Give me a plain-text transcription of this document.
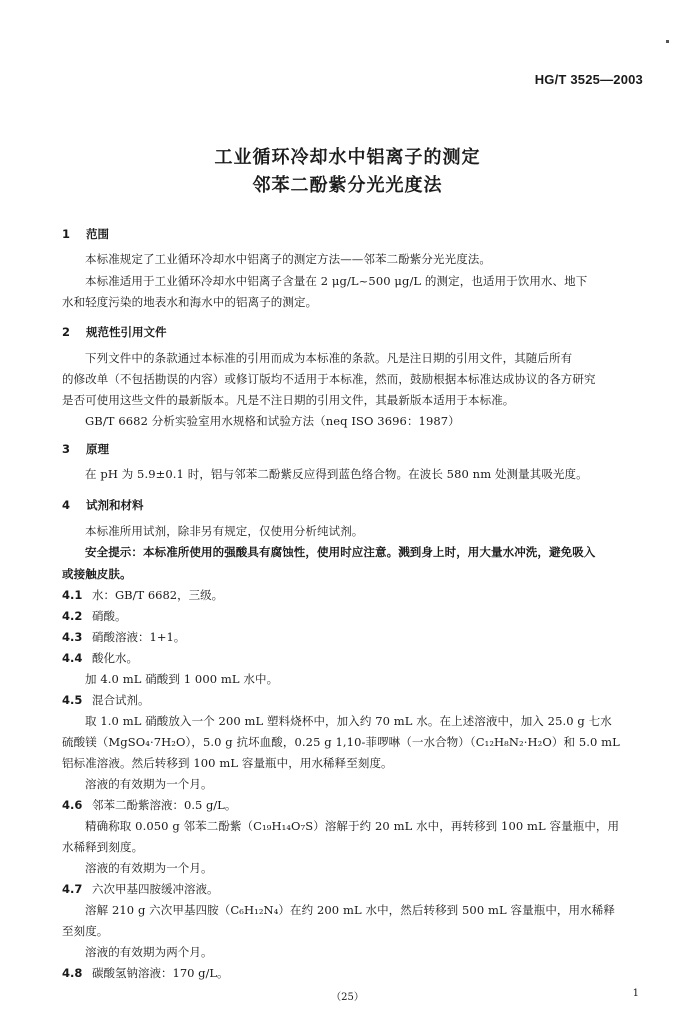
HG/T 3525—2003
工业循环冷却水中铝离子的测定
邻苯二酚紫分光光度法
1 范围
本标准规定了工业循环冷却水中铝离子的测定方法——邻苯二酚紫分光光度法。
本标准适用于工业循环冷却水中铝离子含量在 2 μg/L~500 μg/L 的测定，也适用于饮用水、地下
水和轻度污染的地表水和海水中的铝离子的测定。
2 规范性引用文件
下列文件中的条款通过本标准的引用而成为本标准的条款。凡是注日期的引用文件，其随后所有
的修改单（不包括勘误的内容）或修订版均不适用于本标准，然而，鼓励根据本标准达成协议的各方研究
是否可使用这些文件的最新版本。凡是不注日期的引用文件，其最新版本适用于本标准。
GB/T 6682 分析实验室用水规格和试验方法（neq ISO 3696：1987）
3 原理
在 pH 为 5.9±0.1 时，铝与邻苯二酚紫反应得到蓝色络合物。在波长 580 nm 处测量其吸光度。
4 试剂和材料
本标准所用试剂，除非另有规定，仅使用分析纯试剂。
安全提示：本标准所使用的强酸具有腐蚀性，使用时应注意。溅到身上时，用大量水冲洗，避免吸入
或接触皮肤。
4.1 水：GB/T 6682，三级。
4.2 硝酸。
4.3 硝酸溶液：1+1。
4.4 酸化水。
加 4.0 mL 硝酸到 1 000 mL 水中。
4.5 混合试剂。
取 1.0 mL 硝酸放入一个 200 mL 塑料烧杯中，加入约 70 mL 水。在上述溶液中，加入 25.0 g 七水
硫酸镁（MgSO₄·7H₂O），5.0 g 抗坏血酸，0.25 g 1,10-菲啰啉（一水合物）（C₁₂H₈N₂·H₂O）和 5.0 mL
铝标准溶液。然后转移到 100 mL 容量瓶中，用水稀释至刻度。
溶液的有效期为一个月。
4.6 邻苯二酚紫溶液：0.5 g/L。
精确称取 0.050 g 邻苯二酚紫（C₁₉H₁₄O₇S）溶解于约 20 mL 水中，再转移到 100 mL 容量瓶中，用
水稀释到刻度。
溶液的有效期为一个月。
4.7 六次甲基四胺缓冲溶液。
溶解 210 g 六次甲基四胺（C₆H₁₂N₄）在约 200 mL 水中，然后转移到 500 mL 容量瓶中，用水稀释
至刻度。
溶液的有效期为两个月。
4.8 碳酸氢钠溶液：170 g/L。
（25）	1
